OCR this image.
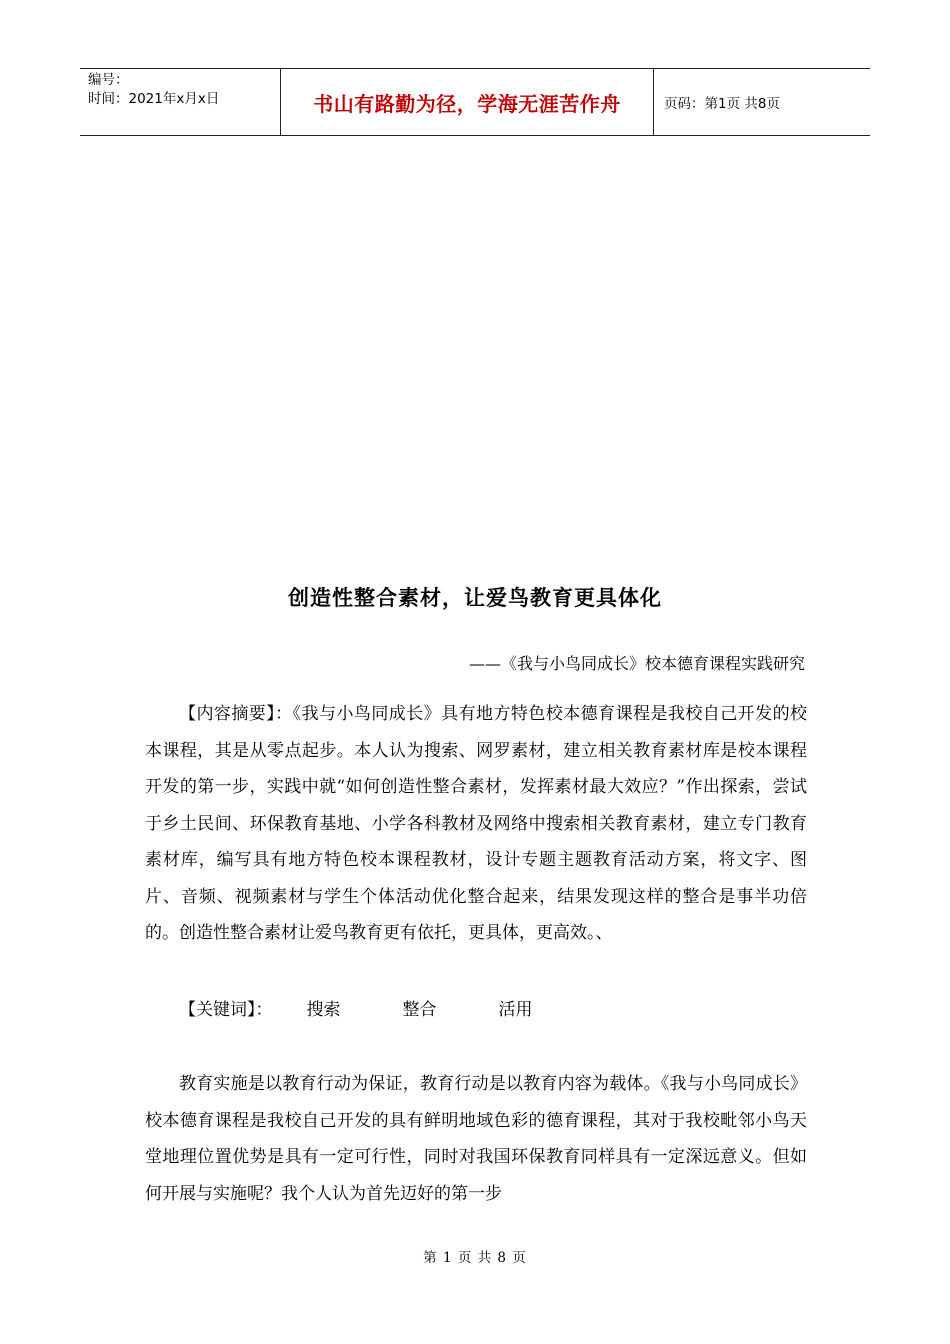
编号：
时间：2021年x月x日	书山有路勤为径，学海无涯苦作舟	页码：第1页 共8页
创造性整合素材，让爱鸟教育更具体化
——《我与小鸟同成长》校本德育课程实践研究

【内容摘要】：《我与小鸟同成长》具有地方特色校本德育课程是我校自己开发的校本课程，其是从零点起步。本人认为搜索、网罗素材，建立相关教育素材库是校本课程开发的第一步，实践中就“如何创造性整合素材，发挥素材最大效应？”作出探索，尝试于乡土民间、环保教育基地、小学各科教材及网络中搜索相关教育素材，建立专门教育素材库，编写具有地方特色校本课程教材，设计专题主题教育活动方案，将文字、图片、音频、视频素材与学生个体活动优化整合起来，结果发现这样的整合是事半功倍的。创造性整合素材让爱鸟教育更有依托，更具体，更高效。、

【关键词】： 搜索	整合	活用

教育实施是以教育行动为保证，教育行动是以教育内容为载体。《我与小鸟同成长》校本德育课程是我校自己开发的具有鲜明地域色彩的德育课程，其对于我校毗邻小鸟天堂地理位置优势是具有一定可行性，同时对我国环保教育同样具有一定深远意义。但如何开展与实施呢？我个人认为首先迈好的第一步

第 1 页 共 8 页
